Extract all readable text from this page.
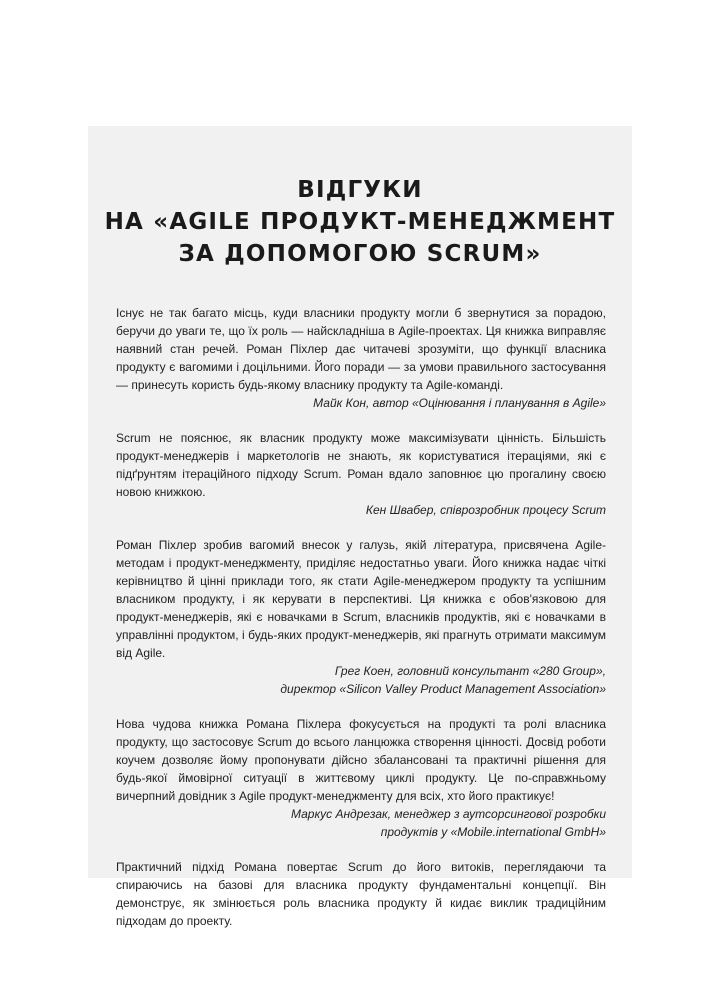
ВІДГУКИ
НА «AGILE ПРОДУКТ-МЕНЕДЖМЕНТ
ЗА ДОПОМОГОЮ SCRUM»

Існує не так багато місць, куди власники продукту могли б звернутися за порадою, беручи до уваги те, що їх роль — найскладніша в Agile-проектах. Ця книжка виправляє наявний стан речей. Роман Піхлер дає читачеві зрозуміти, що функції власника продукту є вагомими і доцільними. Його поради — за умови правильного застосування — принесуть користь будь-якому власнику продукту та Agile-команді.

Майк Кон, автор «Оцінювання і планування в Agile»

Scrum не пояснює, як власник продукту може максимізувати цінність. Більшість продукт-менеджерів і маркетологів не знають, як користуватися ітераціями, які є підґрунтям ітераційного підходу Scrum. Роман вдало заповнює цю прогалину своєю новою книжкою.

Кен Швабер, співрозробник процесу Scrum

Роман Піхлер зробив вагомий внесок у галузь, якій література, присвячена Agile-методам і продукт-менеджменту, приділяє недостатньо уваги. Його книжка надає чіткі керівництво й цінні приклади того, як стати Agile-менеджером продукту та успішним власником продукту, і як керувати в перспективі. Ця книжка є обов'язковою для продукт-менеджерів, які є новачками в Scrum, власників продуктів, які є новачками в управлінні продуктом, і будь-яких продукт-менеджерів, які прагнуть отримати максимум від Agile.

Грег Коен, головний консультант «280 Group»,
директор «Silicon Valley Product Management Association»

Нова чудова книжка Романа Піхлера фокусується на продукті та ролі власника продукту, що застосовує Scrum до всього ланцюжка створення цінності. Досвід роботи коучем дозволяє йому пропонувати дійсно збалансовані та практичні рішення для будь-якої ймовірної ситуації в життєвому циклі продукту. Це по-справжньому вичерпний довідник з Agile продукт-менеджменту для всіх, хто його практикує!

Маркус Андрезак, менеджер з аутсорсингової розробки
продуктів у «Mobile.international GmbH»

Практичний підхід Романа повертає Scrum до його витоків, переглядаючи та спираючись на базові для власника продукту фундаментальні концепції. Він демонструє, як змінюється роль власника продукту й кидає виклик традиційним підходам до проекту.
